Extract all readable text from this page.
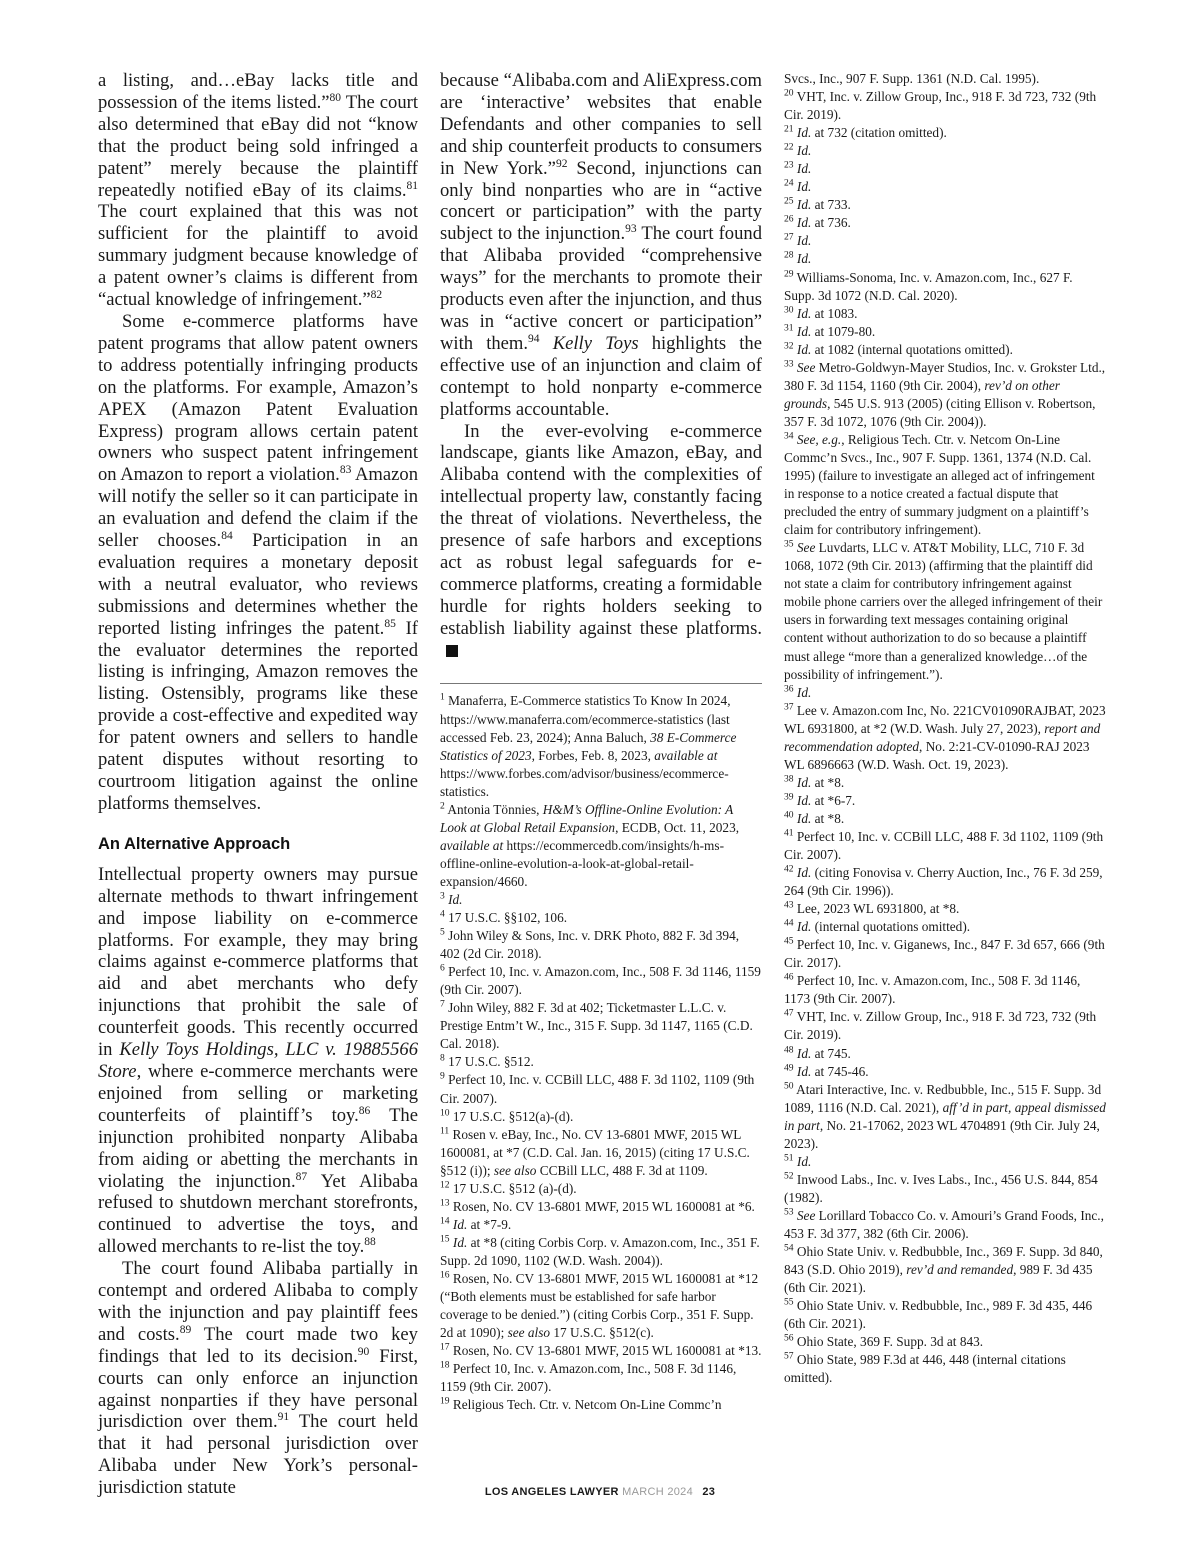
a listing, and…eBay lacks title and possession of the items listed.”$^{80}$ The court also determined that eBay did not “know that the product being sold infringed a patent” merely because the plaintiff repeatedly notified eBay of its claims.$^{81}$ The court explained that this was not sufficient for the plaintiff to avoid summary judgment because knowledge of a patent owner’s claims is different from “actual knowledge of infringement.”$^{82}$

Some e-commerce platforms have patent programs that allow patent owners to address potentially infringing products on the platforms. For example, Amazon’s APEX (Amazon Patent Evaluation Express) program allows certain patent owners who suspect patent infringement on Amazon to report a violation.$^{83}$ Amazon will notify the seller so it can participate in an evaluation and defend the claim if the seller chooses.$^{84}$ Participation in an evaluation requires a monetary deposit with a neutral evaluator, who reviews submissions and determines whether the reported listing infringes the patent.$^{85}$ If the evaluator determines the reported listing is infringing, Amazon removes the listing. Ostensibly, programs like these provide a cost-effective and expedited way for patent owners and sellers to handle patent disputes without resorting to courtroom litigation against the online platforms themselves.

An Alternative Approach

Intellectual property owners may pursue alternate methods to thwart infringement and impose liability on e-commerce platforms. For example, they may bring claims against e-commerce platforms that aid and abet merchants who defy injunctions that prohibit the sale of counterfeit goods. This recently occurred in Kelly Toys Holdings, LLC v. 19885566 Store, where e-commerce merchants were enjoined from selling or marketing counterfeits of plaintiff’s toy.$^{86}$ The injunction prohibited nonparty Alibaba from aiding or abetting the merchants in violating the injunction.$^{87}$ Yet Alibaba refused to shutdown merchant storefronts, continued to advertise the toys, and allowed merchants to re-list the toy.$^{88}$

The court found Alibaba partially in contempt and ordered Alibaba to comply with the injunction and pay plaintiff fees and costs.$^{89}$ The court made two key findings that led to its decision.$^{90}$ First, courts can only enforce an injunction against nonparties if they have personal jurisdiction over them.$^{91}$ The court held that it had personal jurisdiction over Alibaba under New York’s personal-jurisdiction statute

because “Alibaba.com and AliExpress.com are ‘interactive’ websites that enable Defendants and other companies to sell and ship counterfeit products to consumers in New York.”$^{92}$ Second, injunctions can only bind nonparties who are in “active concert or participation” with the party subject to the injunction.$^{93}$ The court found that Alibaba provided “comprehensive ways” for the merchants to promote their products even after the injunction, and thus was in “active concert or participation” with them.$^{94}$ Kelly Toys highlights the effective use of an injunction and claim of contempt to hold nonparty e-commerce platforms accountable.

In the ever-evolving e-commerce landscape, giants like Amazon, eBay, and Alibaba contend with the complexities of intellectual property law, constantly facing the threat of violations. Nevertheless, the presence of safe harbors and exceptions act as robust legal safeguards for e-commerce platforms, creating a formidable hurdle for rights holders seeking to establish liability against these platforms.

$^1$ Manaferra, E-Commerce statistics To Know In 2024, https://www.manaferra.com/ecommerce-statistics (last accessed Feb. 23, 2024); Anna Baluch, 38 E-Commerce Statistics of 2023, Forbes, Feb. 8, 2023, available at https://www.forbes.com/advisor/business/ecommerce-statistics.

$^2$ Antonia Tönnies, H&M’s Offline-Online Evolution: A Look at Global Retail Expansion, ECDB, Oct. 11, 2023, available at https://ecommercedb.com/insights/h-ms-offline-online-evolution-a-look-at-global-retail-expansion/4660.

$^3$ Id.

$^4$ 17 U.S.C. §§102, 106.

$^5$ John Wiley & Sons, Inc. v. DRK Photo, 882 F. 3d 394, 402 (2d Cir. 2018).

$^6$ Perfect 10, Inc. v. Amazon.com, Inc., 508 F. 3d 1146, 1159 (9th Cir. 2007).

$^7$ John Wiley, 882 F. 3d at 402; Ticketmaster L.L.C. v. Prestige Entm’t W., Inc., 315 F. Supp. 3d 1147, 1165 (C.D. Cal. 2018).

$^8$ 17 U.S.C. §512.

$^9$ Perfect 10, Inc. v. CCBill LLC, 488 F. 3d 1102, 1109 (9th Cir. 2007).

$^{10}$ 17 U.S.C. §512(a)-(d).

$^{11}$ Rosen v. eBay, Inc., No. CV 13-6801 MWF, 2015 WL 1600081, at *7 (C.D. Cal. Jan. 16, 2015) (citing 17 U.S.C. §512 (i)); see also CCBill LLC, 488 F. 3d at 1109.

$^{12}$ 17 U.S.C. §512 (a)-(d).

$^{13}$ Rosen, No. CV 13-6801 MWF, 2015 WL 1600081 at *6.

$^{14}$ Id. at *7-9.

$^{15}$ Id. at *8 (citing Corbis Corp. v. Amazon.com, Inc., 351 F. Supp. 2d 1090, 1102 (W.D. Wash. 2004)).

$^{16}$ Rosen, No. CV 13-6801 MWF, 2015 WL 1600081 at *12 (“Both elements must be established for safe harbor coverage to be denied.”) (citing Corbis Corp., 351 F. Supp. 2d at 1090); see also 17 U.S.C. §512(c).

$^{17}$ Rosen, No. CV 13-6801 MWF, 2015 WL 1600081 at *13.

$^{18}$ Perfect 10, Inc. v. Amazon.com, Inc., 508 F. 3d 1146, 1159 (9th Cir. 2007).

$^{19}$ Religious Tech. Ctr. v. Netcom On-Line Commc’n

Svcs., Inc., 907 F. Supp. 1361 (N.D. Cal. 1995).

$^{20}$ VHT, Inc. v. Zillow Group, Inc., 918 F. 3d 723, 732 (9th Cir. 2019).

$^{21}$ Id. at 732 (citation omitted).

$^{22}$ Id.

$^{23}$ Id.

$^{24}$ Id.

$^{25}$ Id. at 733.

$^{26}$ Id. at 736.

$^{27}$ Id.

$^{28}$ Id.

$^{29}$ Williams-Sonoma, Inc. v. Amazon.com, Inc., 627 F. Supp. 3d 1072 (N.D. Cal. 2020).

$^{30}$ Id. at 1083.

$^{31}$ Id. at 1079-80.

$^{32}$ Id. at 1082 (internal quotations omitted).

$^{33}$ See Metro-Goldwyn-Mayer Studios, Inc. v. Grokster Ltd., 380 F. 3d 1154, 1160 (9th Cir. 2004), rev’d on other grounds, 545 U.S. 913 (2005) (citing Ellison v. Robertson, 357 F. 3d 1072, 1076 (9th Cir. 2004)).

$^{34}$ See, e.g., Religious Tech. Ctr. v. Netcom On-Line Commc’n Svcs., Inc., 907 F. Supp. 1361, 1374 (N.D. Cal. 1995) (failure to investigate an alleged act of infringement in response to a notice created a factual dispute that precluded the entry of summary judgment on a plaintiff’s claim for contributory infringement).

$^{35}$ See Luvdarts, LLC v. AT&T Mobility, LLC, 710 F. 3d 1068, 1072 (9th Cir. 2013) (affirming that the plaintiff did not state a claim for contributory infringement against mobile phone carriers over the alleged infringement of their users in forwarding text messages containing original content without authorization to do so because a plaintiff must allege “more than a generalized knowledge…of the possibility of infringement.”).

$^{36}$ Id.

$^{37}$ Lee v. Amazon.com Inc, No. 221CV01090RAJBAT, 2023 WL 6931800, at *2 (W.D. Wash. July 27, 2023), report and recommendation adopted, No. 2:21-CV-01090-RAJ 2023 WL 6896663 (W.D. Wash. Oct. 19, 2023).

$^{38}$ Id. at *8.

$^{39}$ Id. at *6-7.

$^{40}$ Id. at *8.

$^{41}$ Perfect 10, Inc. v. CCBill LLC, 488 F. 3d 1102, 1109 (9th Cir. 2007).

$^{42}$ Id. (citing Fonovisa v. Cherry Auction, Inc., 76 F. 3d 259, 264 (9th Cir. 1996)).

$^{43}$ Lee, 2023 WL 6931800, at *8.

$^{44}$ Id. (internal quotations omitted).

$^{45}$ Perfect 10, Inc. v. Giganews, Inc., 847 F. 3d 657, 666 (9th Cir. 2017).

$^{46}$ Perfect 10, Inc. v. Amazon.com, Inc., 508 F. 3d 1146, 1173 (9th Cir. 2007).

$^{47}$ VHT, Inc. v. Zillow Group, Inc., 918 F. 3d 723, 732 (9th Cir. 2019).

$^{48}$ Id. at 745.

$^{49}$ Id. at 745-46.

$^{50}$ Atari Interactive, Inc. v. Redbubble, Inc., 515 F. Supp. 3d 1089, 1116 (N.D. Cal. 2021), aff’d in part, appeal dismissed in part, No. 21-17062, 2023 WL 4704891 (9th Cir. July 24, 2023).

$^{51}$ Id.

$^{52}$ Inwood Labs., Inc. v. Ives Labs., Inc., 456 U.S. 844, 854 (1982).

$^{53}$ See Lorillard Tobacco Co. v. Amouri’s Grand Foods, Inc., 453 F. 3d 377, 382 (6th Cir. 2006).

$^{54}$ Ohio State Univ. v. Redbubble, Inc., 369 F. Supp. 3d 840, 843 (S.D. Ohio 2019), rev’d and remanded, 989 F. 3d 435 (6th Cir. 2021).

$^{55}$ Ohio State Univ. v. Redbubble, Inc., 989 F. 3d 435, 446 (6th Cir. 2021).

$^{56}$ Ohio State, 369 F. Supp. 3d at 843.

$^{57}$ Ohio State, 989 F.3d at 446, 448 (internal citations omitted).

LOS ANGELES LAWYER MARCH 2024 23
